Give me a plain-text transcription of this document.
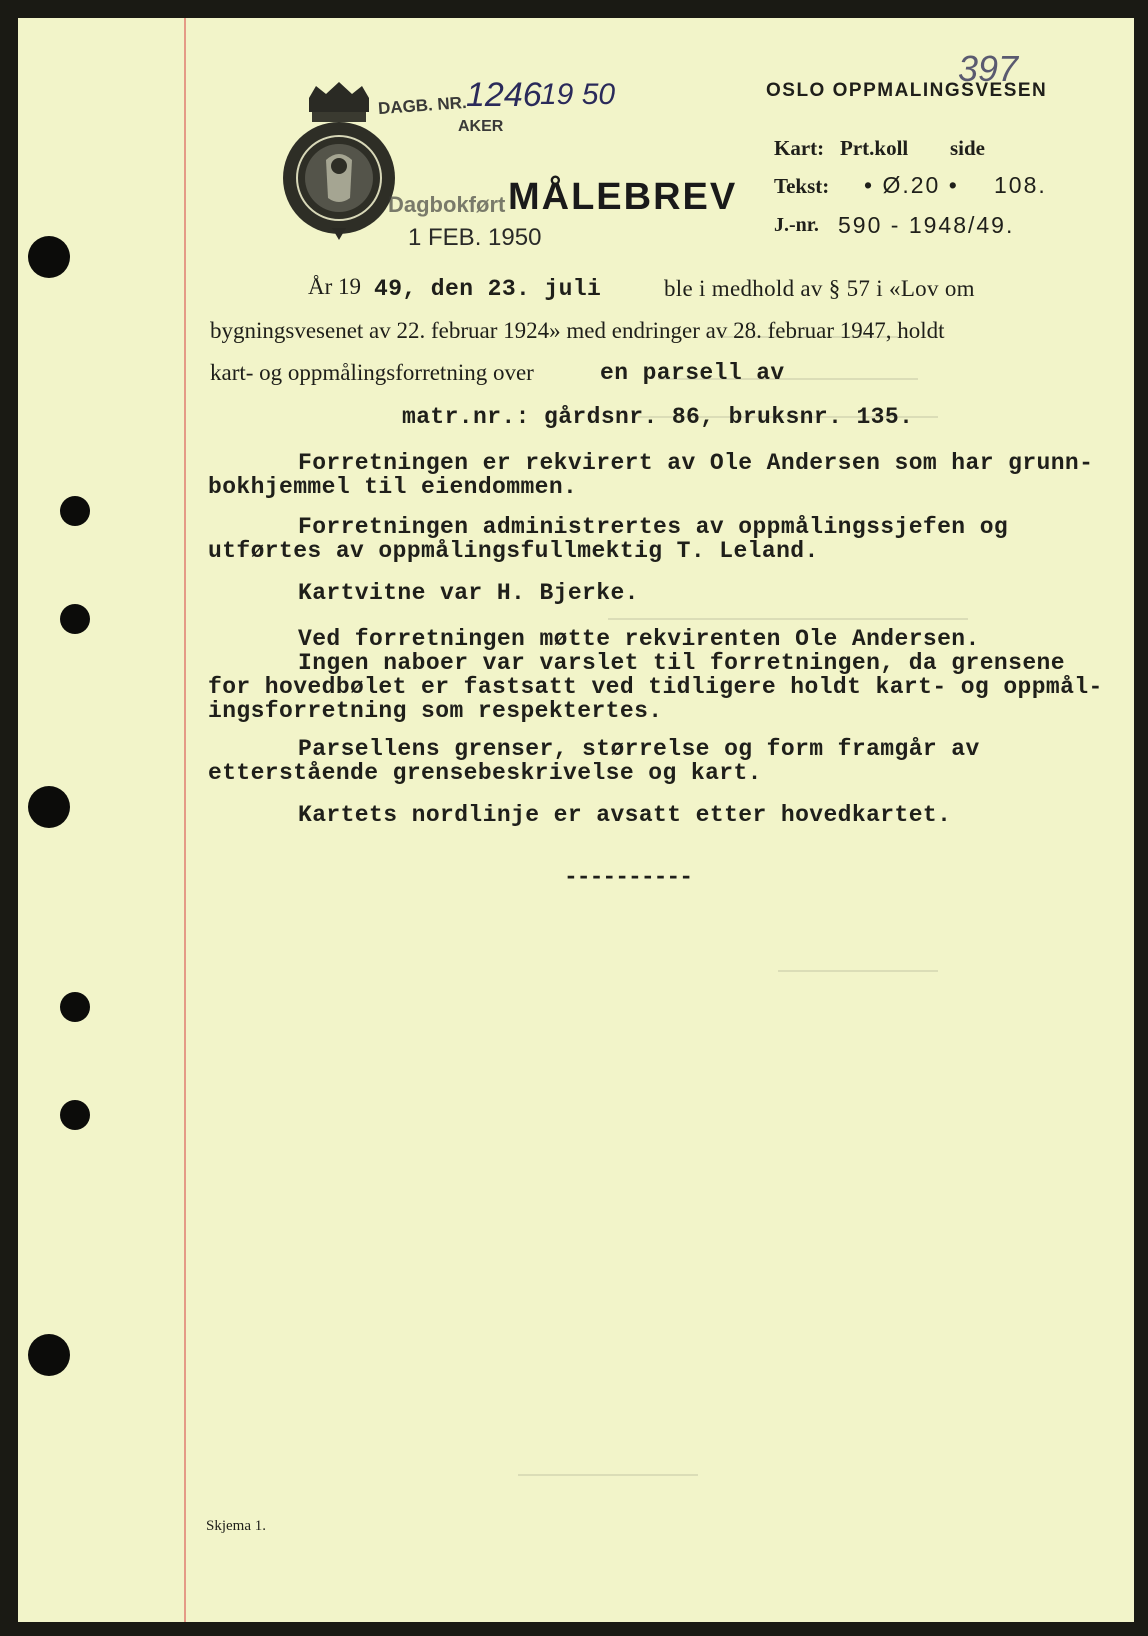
DAGB. NR.
1246
19 50
AKER
Dagbokført
1 FEB. 1950
MÅLEBREV
OSLO OPPMALINGSVESEN
397
Kart: Prt.koll side
Tekst: • Ø.20 • 108.
J.-nr. 590 - 1948/49.
År 19 49, den 23. juli	ble i medhold av § 57 i «Lov om
bygningsvesenet av 22. februar 1924» med endringer av 28. februar 1947, holdt
kart- og oppmålingsforretning over	en parsell av
matr.nr.: gårdsnr. 86, bruksnr. 135.
Forretningen er rekvirert av Ole Andersen som har grunn-
bokhjemmel til eiendommen.
Forretningen administrertes av oppmålingssjefen og
utførtes av oppmålingsfullmektig T. Leland.
Kartvitne var H. Bjerke.
Ved forretningen møtte rekvirenten Ole Andersen.
Ingen naboer var varslet til forretningen, da grensene
for hovedbølet er fastsatt ved tidligere holdt kart- og oppmål-
ingsforretning som respektertes.
Parsellens grenser, størrelse og form framgår av
etterstående grensebeskrivelse og kart.
Kartets nordlinje er avsatt etter hovedkartet.
----------
Skjema 1.
